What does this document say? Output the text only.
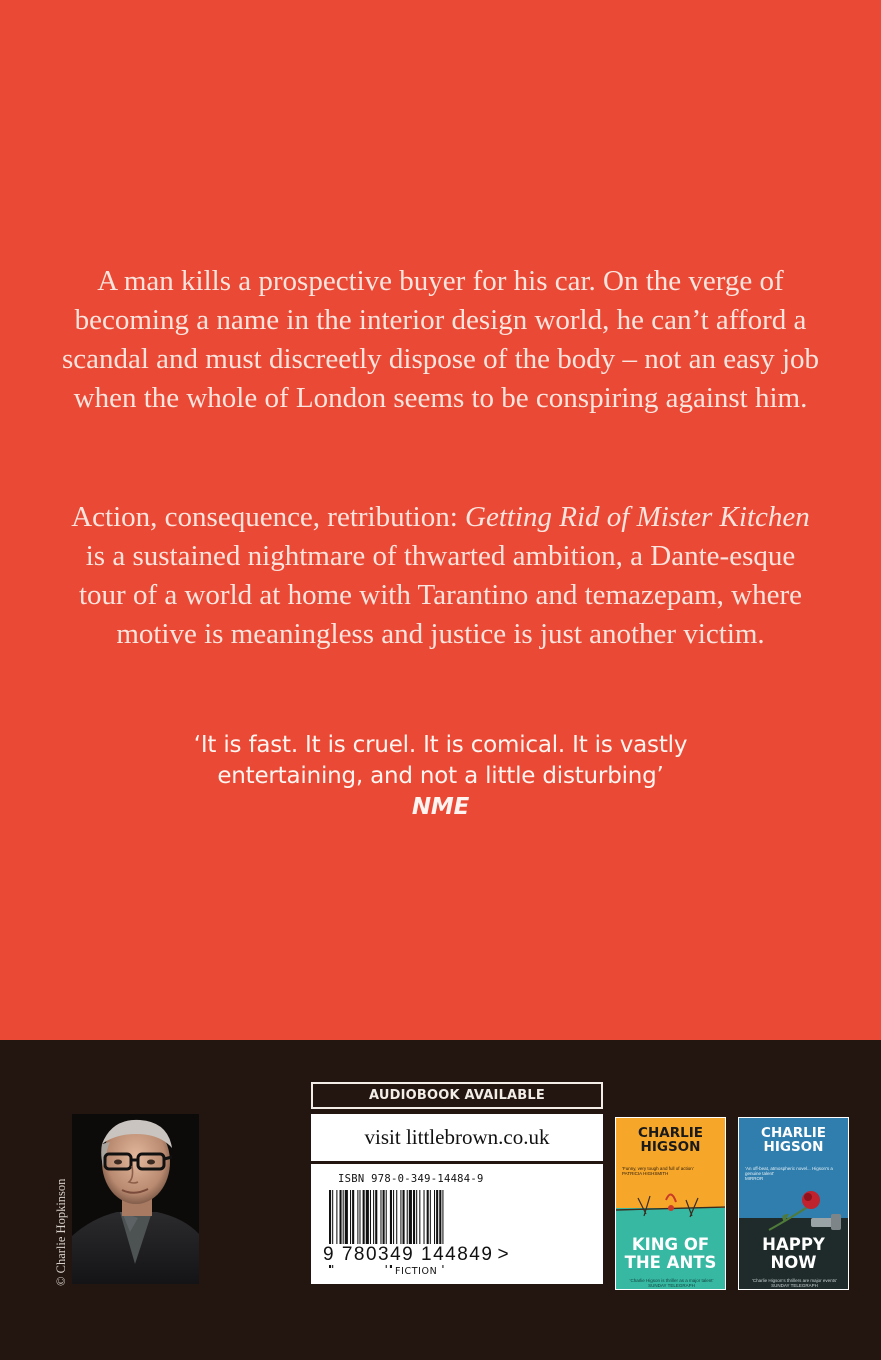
A man kills a prospective buyer for his car. On the verge of becoming a name in the interior design world, he can’t afford a scandal and must discreetly dispose of the body – not an easy job when the whole of London seems to be conspiring against him.

Action, consequence, retribution: Getting Rid of Mister Kitchen is a sustained nightmare of thwarted ambition, a Dante-esque tour of a world at home with Tarantino and temazepam, where motive is meaningless and justice is just another victim.

‘It is fast. It is cruel. It is comical. It is vastly
entertaining, and not a little disturbing’
NME
© Charlie Hopkinson
AUDIOBOOK AVAILABLE
visit littlebrown.co.uk
ISBN 978-0-349-14484-9
9 780349 144849 >
FICTION
CHARLIE
HIGSON
‘Funny, very tough and full of action’
PATRICIA HIGHSMITH
KING OF
THE ANTS
‘Charlie Higson is thriller as a major talent’
SUNDAY TELEGRAPH
CHARLIE
HIGSON
‘An off-beat, atmospheric novel... Higson’s a genuine talent’
MIRROR
HAPPY
NOW
‘Charlie Higson’s thrillers are major events’
SUNDAY TELEGRAPH
